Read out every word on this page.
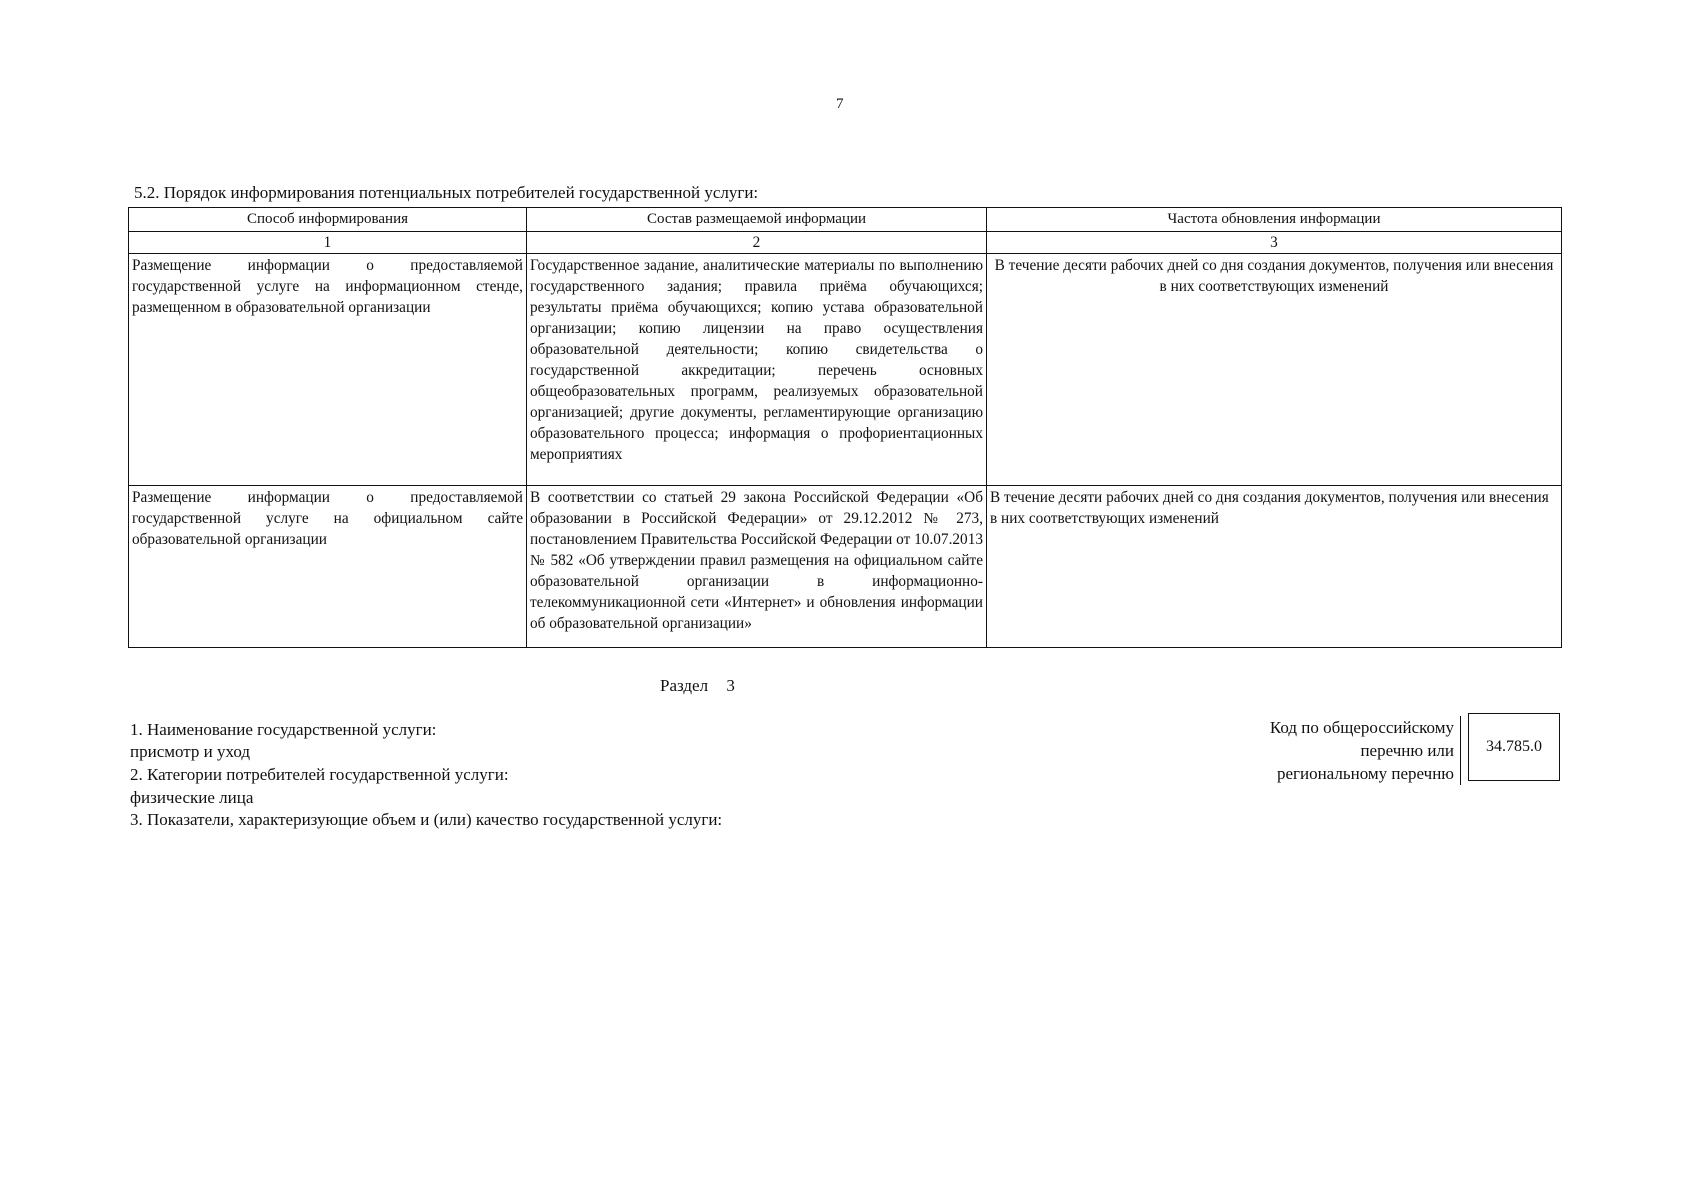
7
5.2. Порядок информирования потенциальных потребителей государственной услуги:
Способ информирования	Состав размещаемой информации	Частота обновления информации
1	2	3
Размещение информации о предоставляемой государственной услуге на информационном стенде, размещенном в образовательной организации	Государственное задание, аналитические материалы по выполнению государственного задания; правила приёма обучающихся; результаты приёма обучающихся; копию устава образовательной организации; копию лицензии на право осуществления образовательной деятельности; копию свидетельства о государственной аккредитации; перечень основных общеобразовательных программ, реализуемых образовательной организацией; другие документы, регламентирующие организацию образовательного процесса; информация о профориентационных мероприятиях	В течение десяти рабочих дней со дня создания документов, получения или внесения в них соответствующих изменений
Размещение информации о предоставляемой государственной услуге на официальном сайте образовательной организации	В соответствии со статьей 29 закона Российской Федерации «Об образовании в Российской Федерации» от 29.12.2012 № 273, постановлением Правительства Российской Федерации от 10.07.2013 № 582 «Об утверждении правил размещения на официальном сайте образовательной организации в информационно-телекоммуникационной сети «Интернет» и обновления информации об образовательной организации»	В течение десяти рабочих дней со дня создания документов, получения или внесения в них соответствующих изменений
Раздел 3
1. Наименование государственной услуги:
присмотр и уход
2. Категории потребителей государственной услуги:
физические лица
3. Показатели, характеризующие объем и (или) качество государственной услуги:
Код по общероссийскому
перечню или
региональному перечню
34.785.0
